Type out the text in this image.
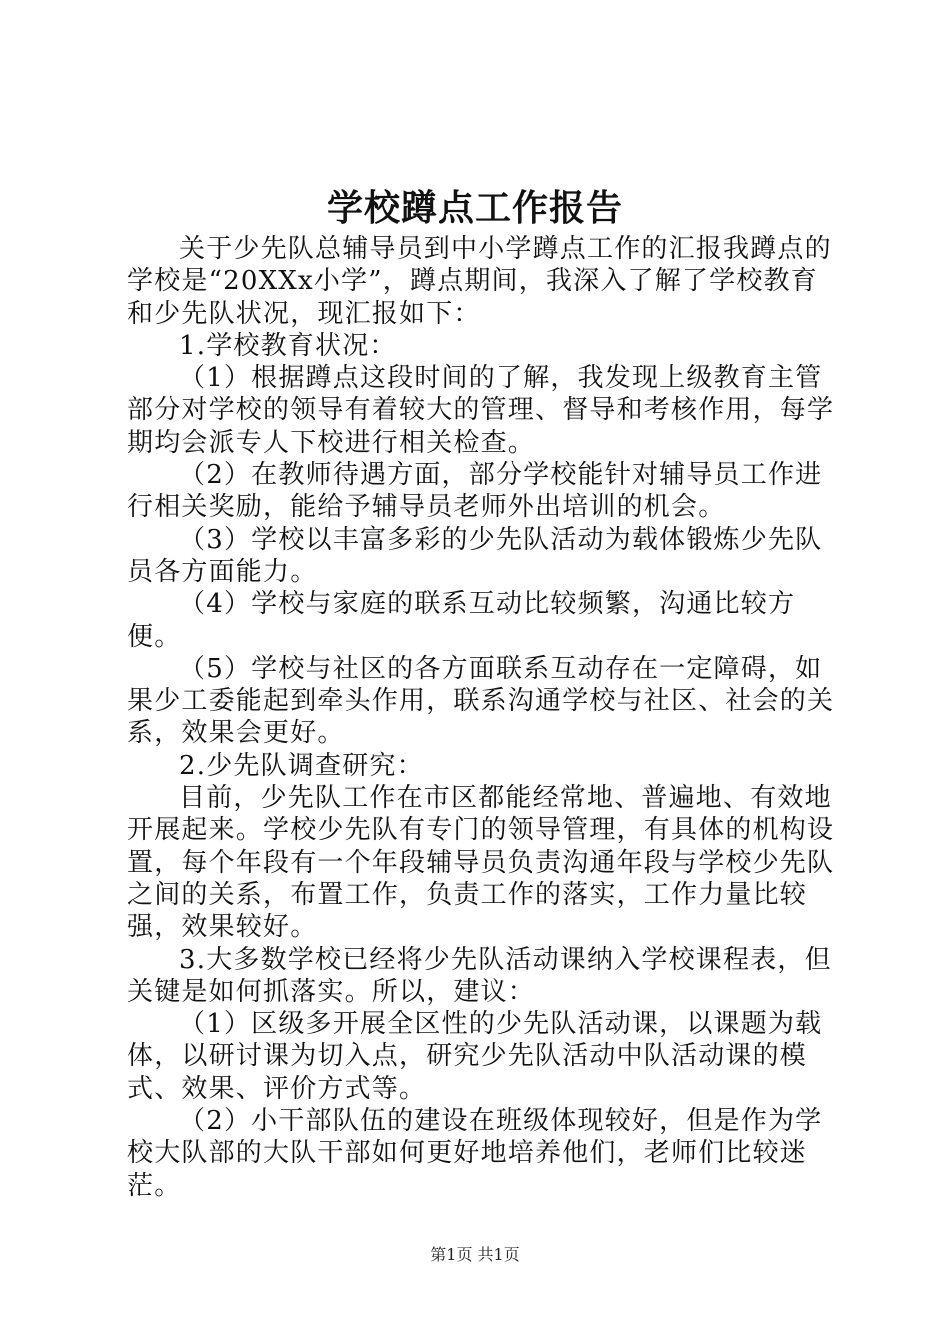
学校蹲点工作报告

关于少先队总辅导员到中小学蹲点工作的汇报我蹲点的学校是“20XXx小学”，蹲点期间，我深入了解了学校教育和少先队状况，现汇报如下：

1.学校教育状况：

（1）根据蹲点这段时间的了解，我发现上级教育主管部分对学校的领导有着较大的管理、督导和考核作用，每学期均会派专人下校进行相关检查。

（2）在教师待遇方面，部分学校能针对辅导员工作进行相关奖励，能给予辅导员老师外出培训的机会。

（3）学校以丰富多彩的少先队活动为载体锻炼少先队员各方面能力。

（4）学校与家庭的联系互动比较频繁，沟通比较方便。

（5）学校与社区的各方面联系互动存在一定障碍，如果少工委能起到牵头作用，联系沟通学校与社区、社会的关系，效果会更好。

2.少先队调查研究：

目前，少先队工作在市区都能经常地、普遍地、有效地开展起来。学校少先队有专门的领导管理，有具体的机构设置，每个年段有一个年段辅导员负责沟通年段与学校少先队之间的关系，布置工作，负责工作的落实，工作力量比较强，效果较好。

3.大多数学校已经将少先队活动课纳入学校课程表，但关键是如何抓落实。所以，建议：

（1）区级多开展全区性的少先队活动课，以课题为载体，以研讨课为切入点，研究少先队活动中队活动课的模式、效果、评价方式等。

（2）小干部队伍的建设在班级体现较好，但是作为学校大队部的大队干部如何更好地培养他们，老师们比较迷茫。

第1页 共1页
